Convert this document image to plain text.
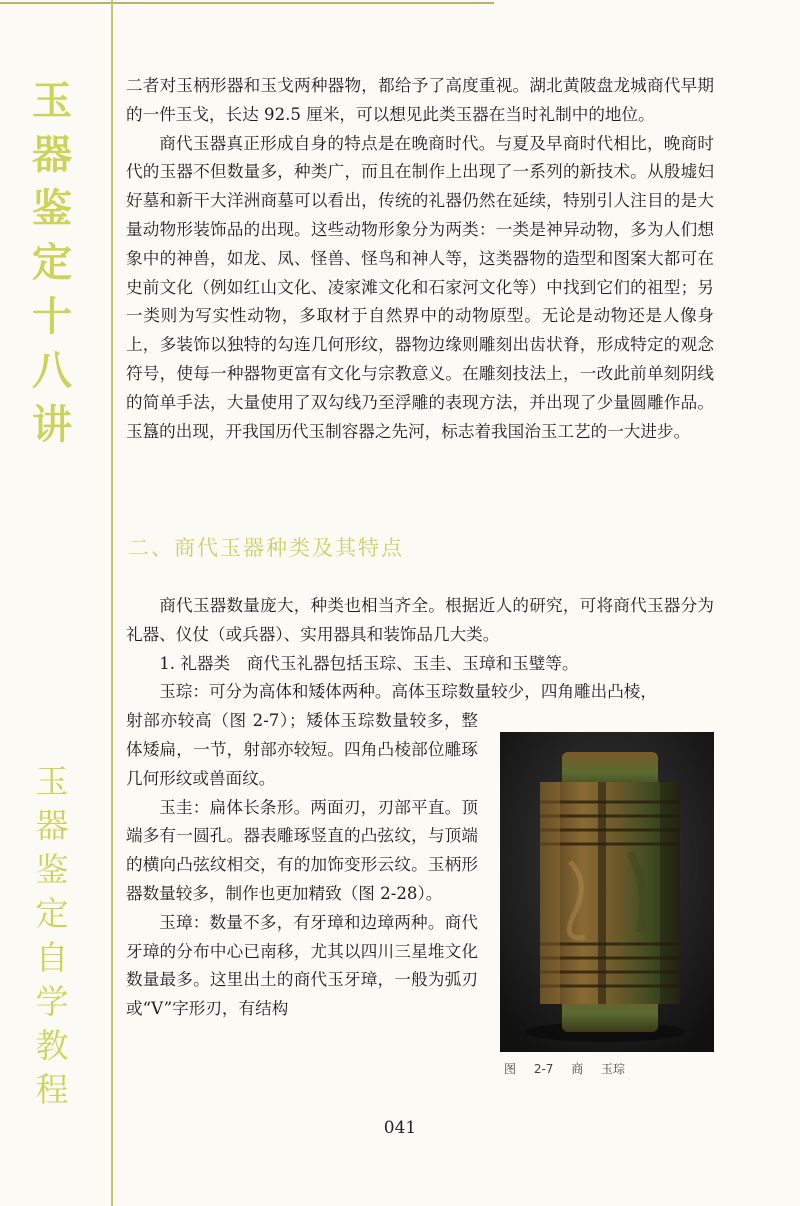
玉
器
鉴
定
十
八
讲
玉
器
鉴
定
自
学
教
程

二者对玉柄形器和玉戈两种器物，都给予了高度重视。湖北黄陂盘龙城商代早期的一件玉戈，长达 92.5 厘米，可以想见此类玉器在当时礼制中的地位。

商代玉器真正形成自身的特点是在晚商时代。与夏及早商时代相比，晚商时代的玉器不但数量多，种类广，而且在制作上出现了一系列的新技术。从殷墟妇好墓和新干大洋洲商墓可以看出，传统的礼器仍然在延续，特别引人注目的是大量动物形装饰品的出现。这些动物形象分为两类：一类是神异动物，多为人们想象中的神兽，如龙、凤、怪兽、怪鸟和神人等，这类器物的造型和图案大都可在史前文化（例如红山文化、凌家滩文化和石家河文化等）中找到它们的祖型；另一类则为写实性动物，多取材于自然界中的动物原型。无论是动物还是人像身上，多装饰以独特的勾连几何形纹，器物边缘则雕刻出齿状脊，形成特定的观念符号，使每一种器物更富有文化与宗教意义。在雕刻技法上，一改此前单刻阴线的简单手法，大量使用了双勾线乃至浮雕的表现方法，并出现了少量圆雕作品。玉簋的出现，开我国历代玉制容器之先河，标志着我国治玉工艺的一大进步。

二、商代玉器种类及其特点

商代玉器数量庞大，种类也相当齐全。根据近人的研究，可将商代玉器分为礼器、仪仗（或兵器）、实用器具和装饰品几大类。

1. 礼器类　商代玉礼器包括玉琮、玉圭、玉璋和玉璧等。

玉琮：可分为高体和矮体两种。高体玉琮数量较少，四角雕出凸棱，

射部亦较高（图 2-7）；矮体玉琮数量较多，整体矮扁，一节，射部亦较短。四角凸棱部位雕琢几何形纹或兽面纹。

玉圭：扁体长条形。两面刃，刃部平直。顶端多有一圆孔。器表雕琢竖直的凸弦纹，与顶端的横向凸弦纹相交，有的加饰变形云纹。玉柄形器数量较多，制作也更加精致（图 2-28）。

玉璋：数量不多，有牙璋和边璋两种。商代牙璋的分布中心已南移，尤其以四川三星堆文化数量最多。这里出土的商代玉牙璋，一般为弧刃或“V”字形刃，有结构

图 2-7 商 玉琮
041
